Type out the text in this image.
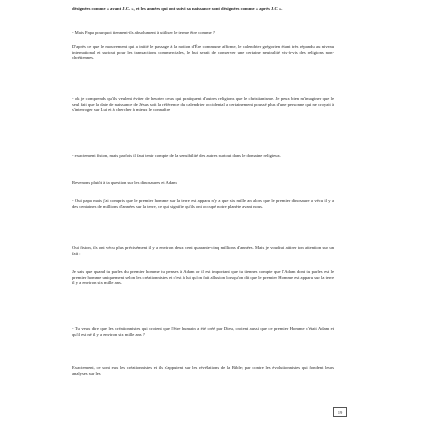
désignées comme « avant J.C. », et les années qui ont suivi sa naissance sont désignées comme « après J.C ».

- Mais Papa pourquoi tiennent-ils absolument à utiliser le terme être comme ?

D'après ce que le mouvement qui a initié le passage à la notion d'Ère commune affirme, le calendrier grégorien étant très répandu au niveau international et surtout pour les transactions commerciales, le but serait de conserver une certaine neutralité vis-à-vis des religions non-chrétiennes.

- ok je comprends qu'ils veulent éviter de heurter ceux qui pratiquent d'autres religions que le christianisme. Je peux bien m'imaginer que le seul fait que la date de naissance de Jésus soit la référence du calendrier occidental a certainement poussé plus d'une personne qui ne croyait à s'interroger sur Lui et à chercher à mieux le connaître

- exactement fiston, mais parfois il faut tenir compte de la sensibilité des autres surtout dans le domaine religieux.

Revenons plutôt à ta question sur les dinosaures et Adam

- Oui papa mais j'ai compris que le premier homme sur la terre est apparu n'y a que six mille an alors que le premier dinosaure a vécu il y a des centaines de millions d'années sur la terre, ce qui signifie qu'ils ont occupé notre planète avant nous.

Oui fiston, ils ont vécu plus précisément il y a environ deux cent quarante-cinq millions d'années. Mais je voudrai attirer ton attention sur un fait :

Je sais que quand tu parles du premier homme tu penses à Adam or il est important que tu tiennes compte que l'Adam dont tu parles est le premier homme uniquement selon les créationnistes et c'est à lui qu'on fait allusion lorsqu'on dit que le premier Homme est apparu sur la terre il y a environ six mille ans.

- Tu veux dire que les créationnistes qui croient que l'être humain a été créé par Dieu, croient aussi que ce premier Homme c'était Adam et qu'il est né il y a environ six mille ans ?

Exactement, ce sont eux les créationnistes et ils s'appuient sur les révélations de la Bible; par contre les évolutionnistes qui fondent leurs analyses sur les

19
